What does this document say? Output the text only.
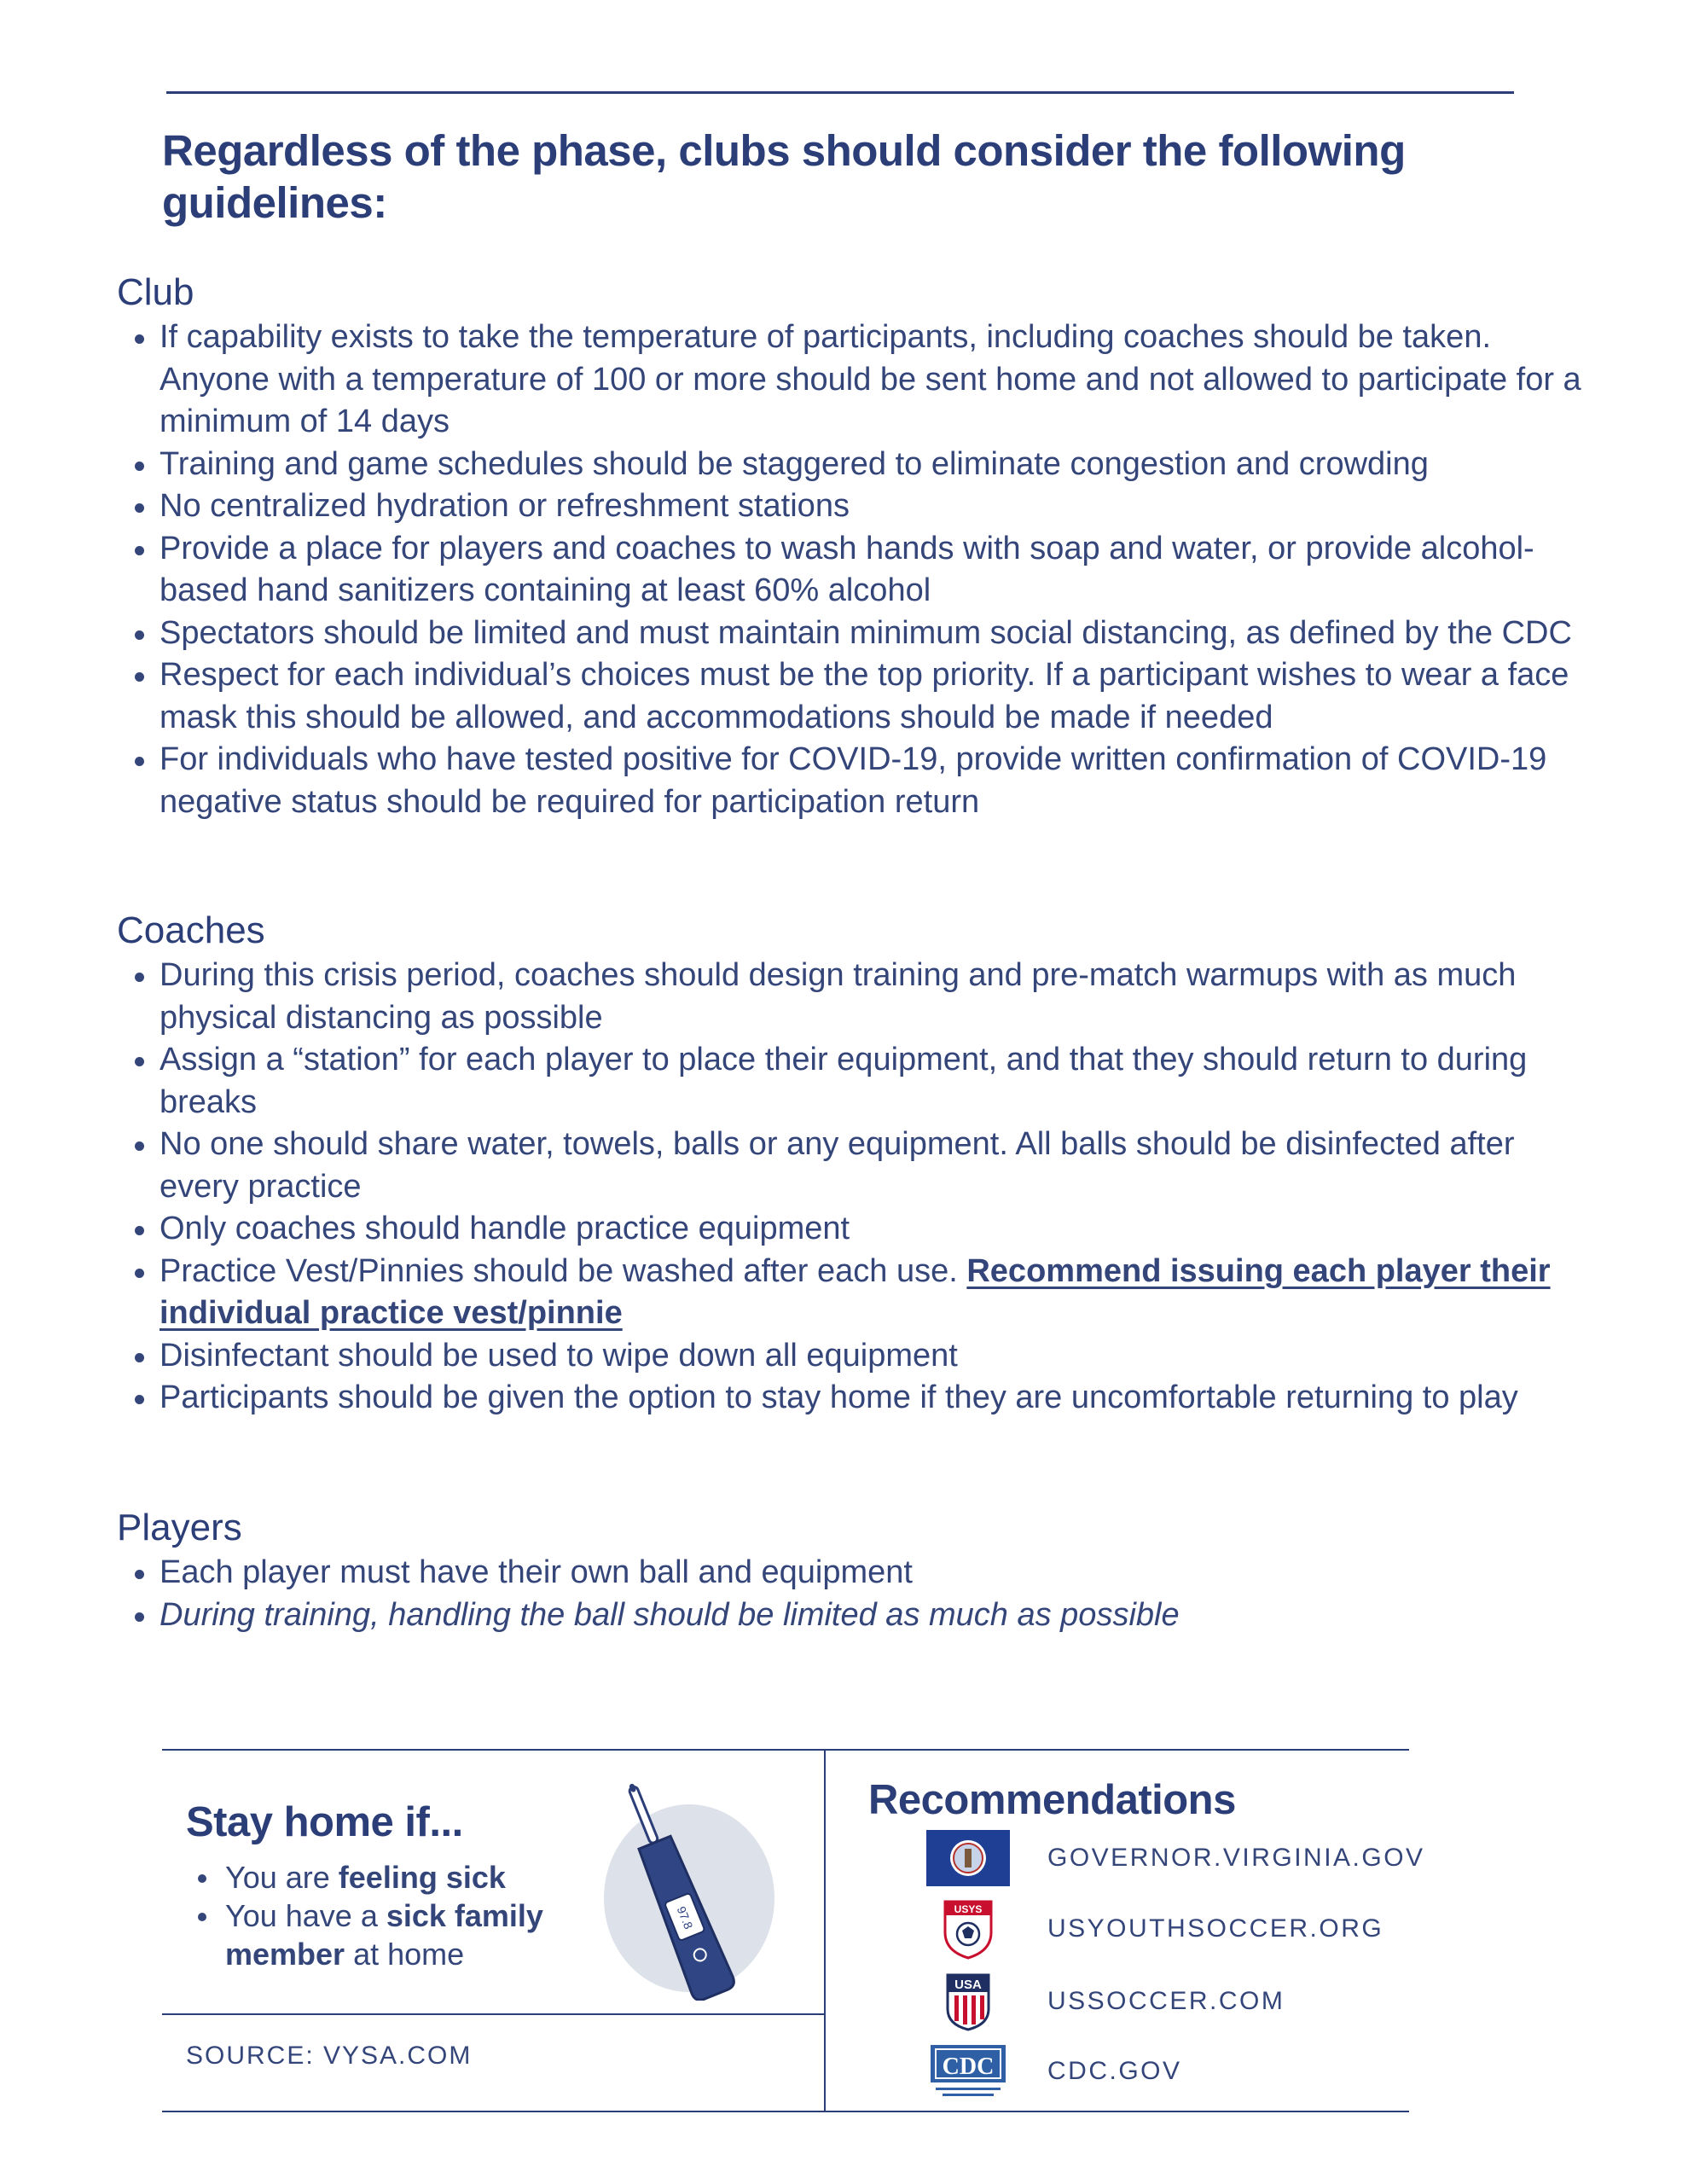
Regardless of the phase, clubs should consider the following guidelines:
Club
If capability exists to take the temperature of participants, including coaches should be taken. Anyone with a temperature of 100 or more should be sent home and not allowed to participate for a minimum of 14 days
Training and game schedules should be staggered to eliminate congestion and crowding
No centralized hydration or refreshment stations
Provide a place for players and coaches to wash hands with soap and water, or provide alcohol-based hand sanitizers containing at least 60% alcohol
Spectators should be limited and must maintain minimum social distancing, as defined by the CDC
Respect for each individual’s choices must be the top priority. If a participant wishes to wear a face mask this should be allowed, and accommodations should be made if needed
For individuals who have tested positive for COVID-19, provide written confirmation of COVID-19 negative status should be required for participation return
Coaches
During this crisis period, coaches should design training and pre-match warmups with as much physical distancing as possible
Assign a “station” for each player to place their equipment, and that they should return to during breaks
No one should share water, towels, balls or any equipment. All balls should be disinfected after every practice
Only coaches should handle practice equipment
Practice Vest/Pinnies should be washed after each use. Recommend issuing each player their individual practice vest/pinnie
Disinfectant should be used to wipe down all equipment
Participants should be given the option to stay home if they are uncomfortable returning to play
Players
Each player must have their own ball and equipment
During training, handling the ball should be limited as much as possible
Stay home if...
You are feeling sick
You have a sick family member at home
97.8
SOURCE: VYSA.COM
Recommendations
GOVERNOR.VIRGINIA.GOV
USYS
USYOUTHSOCCER.ORG
USA
USSOCCER.COM
CDC CDC.GOV
